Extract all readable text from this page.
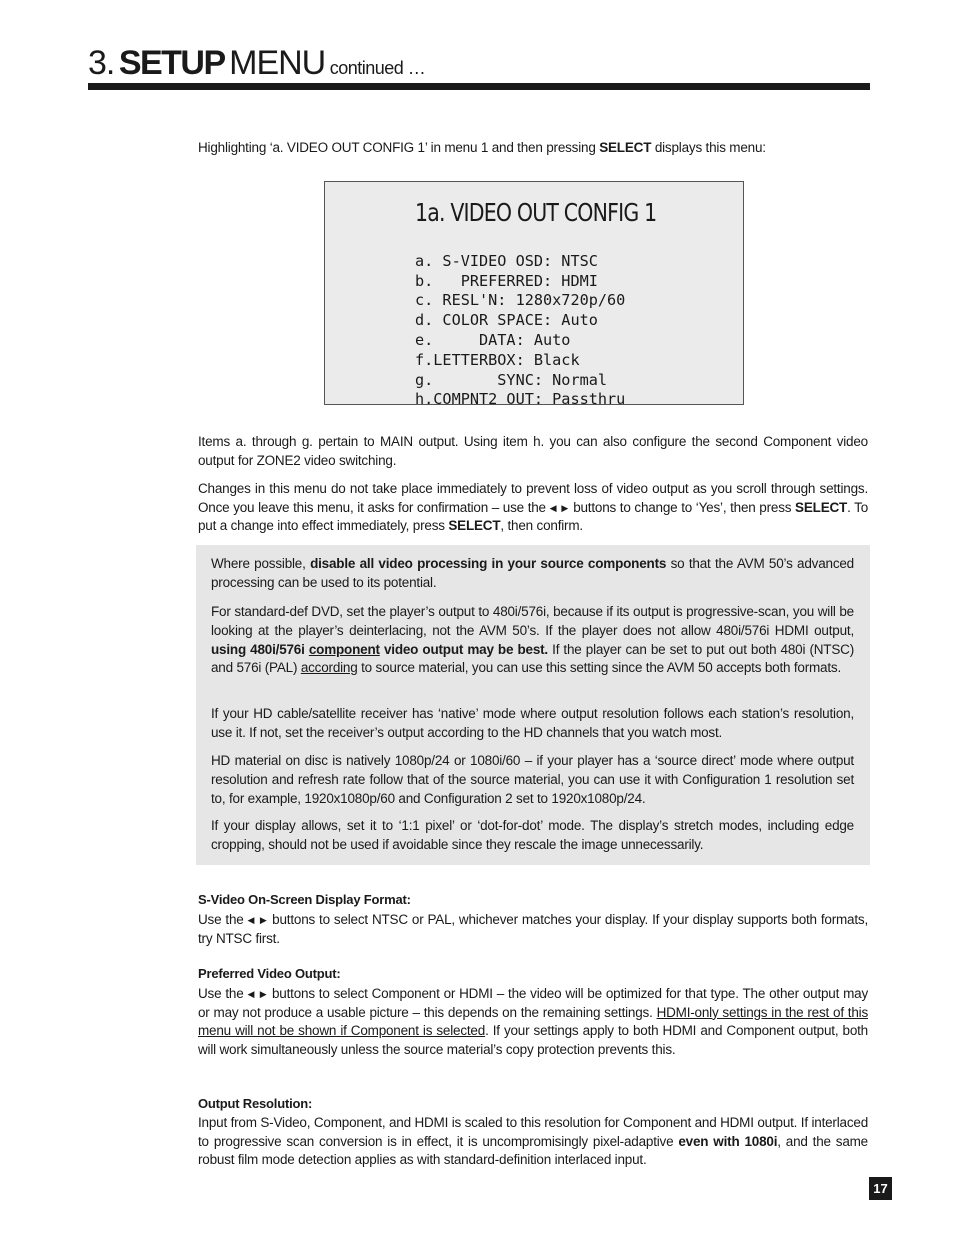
3. SETUP MENU continued …
Highlighting ‘a. VIDEO OUT CONFIG 1’ in menu 1 and then pressing SELECT displays this menu:
1a. VIDEO OUT CONFIG 1

a. S-VIDEO OSD: NTSC
b.   PREFERRED: HDMI
c. RESL'N: 1280x720p/60
d. COLOR SPACE: Auto
e.     DATA: Auto
f.LETTERBOX: Black
g.       SYNC: Normal
h.COMPNT2 OUT: Passthru

Items a. through g. pertain to MAIN output. Using item h. you can also configure the second Component video output for ZONE2 video switching.
Changes in this menu do not take place immediately to prevent loss of video output as you scroll through settings. Once you leave this menu, it asks for confirmation – use the ◀ ▶ buttons to change to ‘Yes’, then press SELECT. To put a change into effect immediately, press SELECT, then confirm.
Where possible, disable all video processing in your source components so that the AVM 50’s advanced processing can be used to its potential.
For standard-def DVD, set the player’s output to 480i/576i, because if its output is progressive-scan, you will be looking at the player’s deinterlacing, not the AVM 50’s. If the player does not allow 480i/576i HDMI output, using 480i/576i component video output may be best. If the player can be set to put out both 480i (NTSC) and 576i (PAL) according to source material, you can use this setting since the AVM 50 accepts both formats.
If your HD cable/satellite receiver has ‘native’ mode where output resolution follows each station’s resolution, use it. If not, set the receiver’s output according to the HD channels that you watch most.
HD material on disc is natively 1080p/24 or 1080i/60 – if your player has a ‘source direct’ mode where output resolution and refresh rate follow that of the source material, you can use it with Configuration 1 resolution set to, for example, 1920x1080p/60 and Configuration 2 set to 1920x1080p/24.
If your display allows, set it to ‘1:1 pixel’ or ‘dot-for-dot’ mode. The display’s stretch modes, including edge cropping, should not be used if avoidable since they rescale the image unnecessarily.
S-Video On-Screen Display Format:
Use the ◀ ▶ buttons to select NTSC or PAL, whichever matches your display. If your display supports both formats, try NTSC first.
Preferred Video Output:
Use the ◀ ▶ buttons to select Component or HDMI – the video will be optimized for that type. The other output may or may not produce a usable picture – this depends on the remaining settings. HDMI-only settings in the rest of this menu will not be shown if Component is selected. If your settings apply to both HDMI and Component output, both will work simultaneously unless the source material’s copy protection prevents this.
Output Resolution:
Input from S-Video, Component, and HDMI is scaled to this resolution for Component and HDMI output. If interlaced to progressive scan conversion is in effect, it is uncompromisingly pixel-adaptive even with 1080i, and the same robust film mode detection applies as with standard-definition interlaced input.
17
